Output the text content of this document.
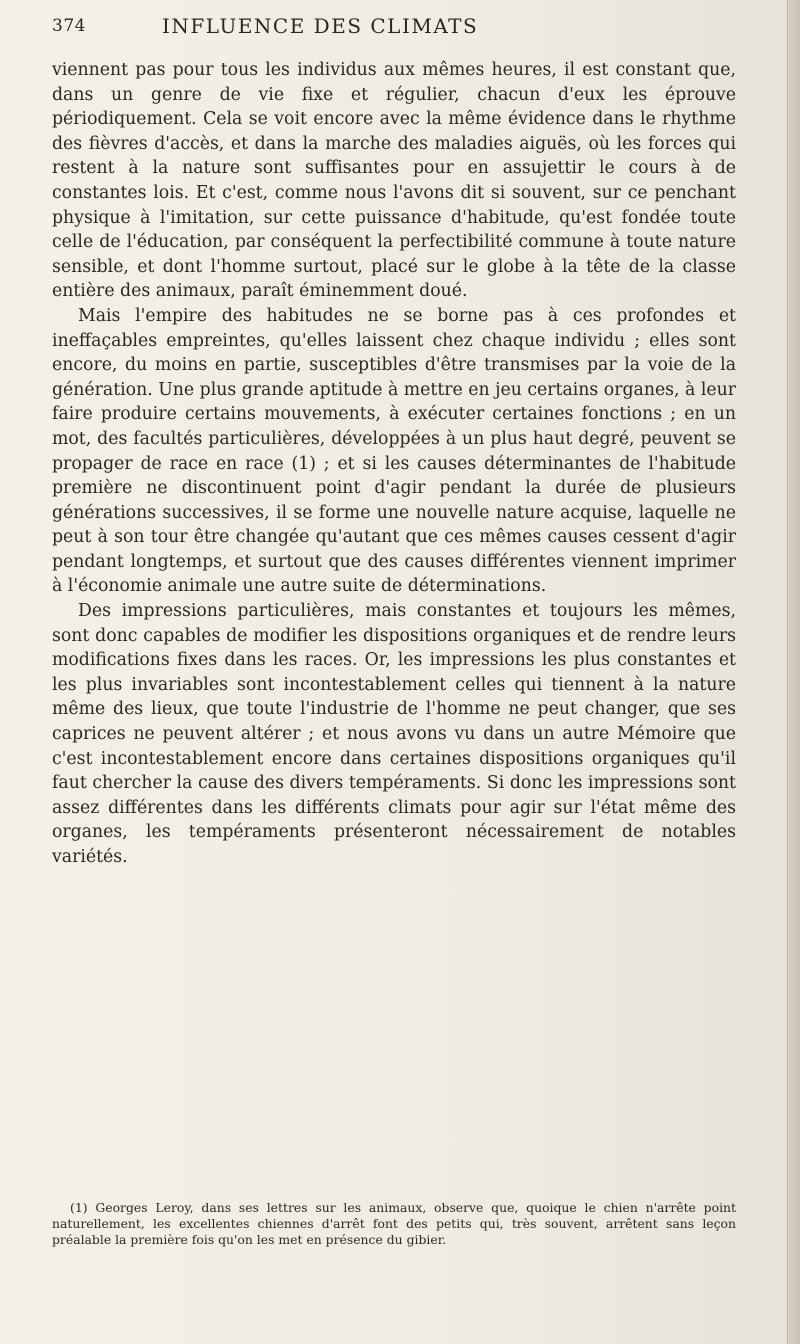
374	INFLUENCE DES CLIMATS

viennent pas pour tous les individus aux mêmes heures, il est constant que, dans un genre de vie fixe et régulier, chacun d'eux les éprouve périodiquement. Cela se voit encore avec la même évidence dans le rhythme des fièvres d'accès, et dans la marche des maladies aiguës, où les forces qui restent à la nature sont suffisantes pour en assujettir le cours à de constantes lois. Et c'est, comme nous l'avons dit si souvent, sur ce penchant physique à l'imitation, sur cette puissance d'habitude, qu'est fondée toute celle de l'éducation, par conséquent la perfectibilité commune à toute nature sensible, et dont l'homme surtout, placé sur le globe à la tête de la classe entière des animaux, paraît éminemment doué.

Mais l'empire des habitudes ne se borne pas à ces profondes et ineffaçables empreintes, qu'elles laissent chez chaque individu ; elles sont encore, du moins en partie, susceptibles d'être transmises par la voie de la génération. Une plus grande aptitude à mettre en jeu certains organes, à leur faire produire certains mouvements, à exécuter certaines fonctions ; en un mot, des facultés particulières, développées à un plus haut degré, peuvent se propager de race en race (1) ; et si les causes déterminantes de l'habitude première ne discontinuent point d'agir pendant la durée de plusieurs générations successives, il se forme une nouvelle nature acquise, laquelle ne peut à son tour être changée qu'autant que ces mêmes causes cessent d'agir pendant longtemps, et surtout que des causes différentes viennent imprimer à l'économie animale une autre suite de déterminations.

Des impressions particulières, mais constantes et toujours les mêmes, sont donc capables de modifier les dispositions organiques et de rendre leurs modifications fixes dans les races. Or, les impressions les plus constantes et les plus invariables sont incontestablement celles qui tiennent à la nature même des lieux, que toute l'industrie de l'homme ne peut changer, que ses caprices ne peuvent altérer ; et nous avons vu dans un autre Mémoire que c'est incontestablement encore dans certaines dispositions organiques qu'il faut chercher la cause des divers tempéraments. Si donc les impressions sont assez différentes dans les différents climats pour agir sur l'état même des organes, les tempéraments présenteront nécessairement de notables variétés.

(1) Georges Leroy, dans ses lettres sur les animaux, observe que, quoique le chien n'arrête point naturellement, les excellentes chiennes d'arrêt font des petits qui, très souvent, arrêtent sans leçon préalable la première fois qu'on les met en présence du gibier.
